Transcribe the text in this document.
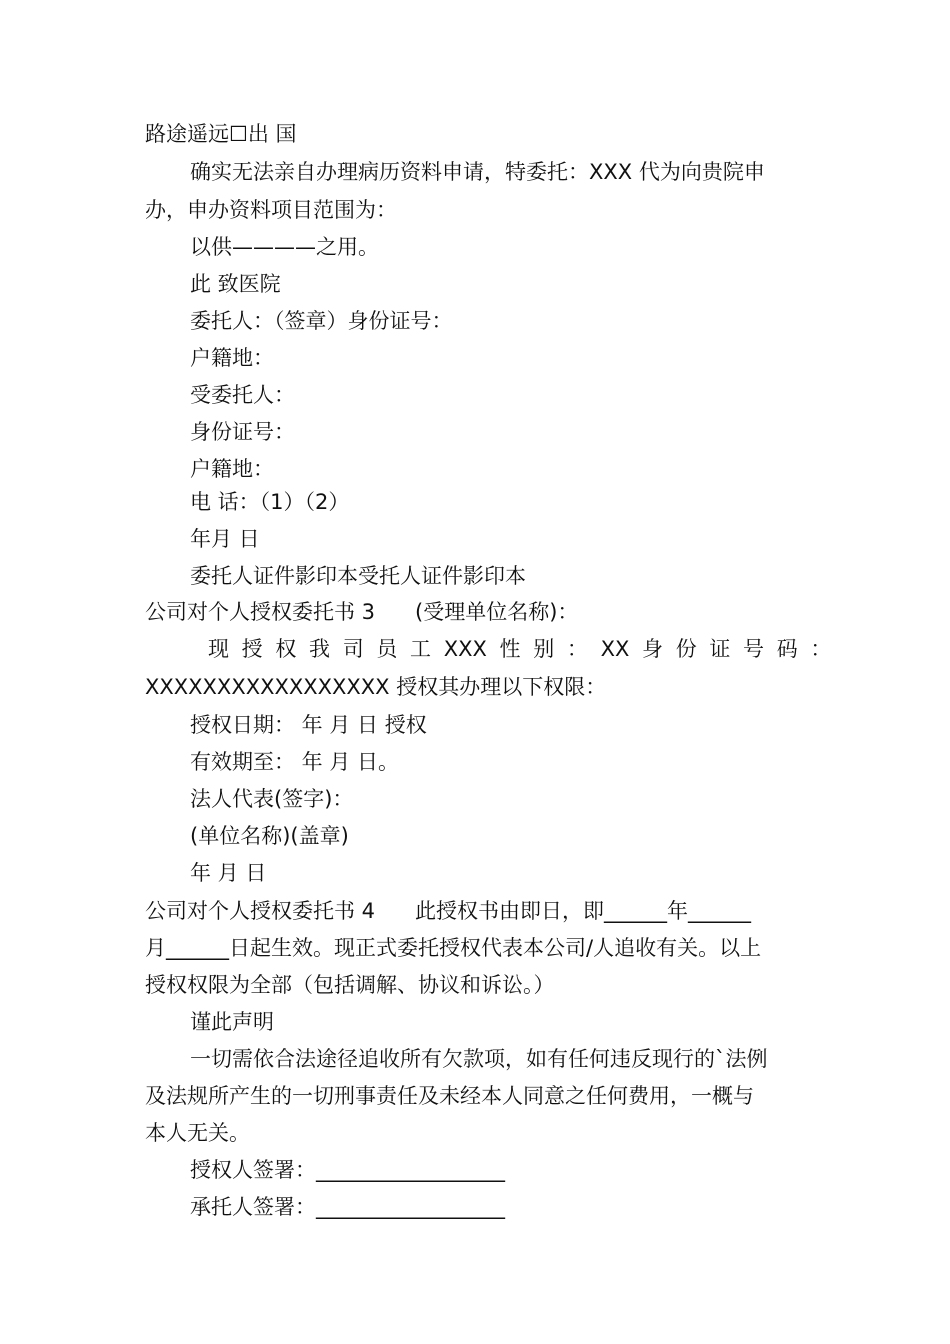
路途遥远☐出 国
确实无法亲自办理病历资料申请，特委托：XXX 代为向贵院申
办，申办资料项目范围为：
以供————之用。
此 致医院
委托人：（签章）身份证号：
户籍地：
受委托人：
身份证号：
户籍地：
电 话：（1）（2）
年月 日
委托人证件影印本受托人证件影印本
公司对个人授权委托书 3 (受理单位名称)：
现 授 权 我 司 员 工 XXX 性 别 ： XX 身 份 证 号 码 ：
XXXXXXXXXXXXXXXXX 授权其办理以下权限：
授权日期： 年 月 日 授权
有效期至： 年 月 日。
法人代表(签字)：
(单位名称)(盖章)
年 月 日
公司对个人授权委托书 4 此授权书由即日，即______年______
月______日起生效。现正式委托授权代表本公司/人追收有关。以上
授权权限为全部（包括调解、协议和诉讼。）
谨此声明
一切需依合法途径追收所有欠款项，如有任何违反现行的`法例
及法规所产生的一切刑事责任及未经本人同意之任何费用，一概与
本人无关。
授权人签署：__________________
承托人签署：__________________
